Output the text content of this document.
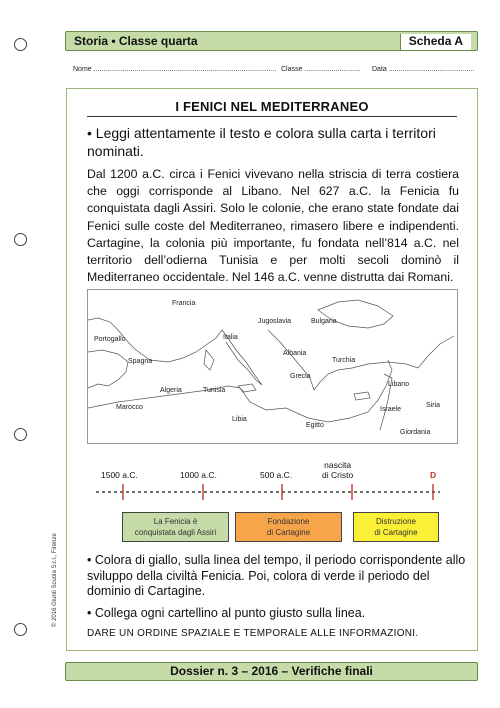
Storia • Classe quarta	Scheda A
Nome .............................................................................................. Classe ............................. Data ............................................
I FENICI NEL MEDITERRANEO
• Leggi attentamente il testo e colora sulla carta i territori nominati.
Dal 1200 a.C. circa i Fenici vivevano nella striscia di terra costiera che oggi corrisponde al Libano. Nel 627 a.C. la Fenicia fu conquistata dagli Assiri. Solo le colonie, che erano state fondate dai Fenici sulle coste del Mediterraneo, rimasero libere e indipendenti. Cartagine, la colonia più importante, fu fondata nell’814 a.C. nel territorio dell’odierna Tunisia e per molti secoli dominò il Mediterraneo occidentale. Nel 146 a.C. venne distrutta dai Romani.
Francia
Jugoslavia	Bulgaria
Portogallo	Italia
Spagna
Albania
Turchia
Grecia
Libano
Algeria	Tunisia
Siria
Marocco	Israele
Libia
Egitto
Giordania
1500 a.C.	1000 a.C.	500 a.C.
nascita
di Cristo	D
La Fenicia è
conquistata dagli Assiri
Fondazione
di Cartagine
Distruzione
di Cartagine
• Colora di giallo, sulla linea del tempo, il periodo corrispondente allo sviluppo della civiltà Fenicia. Poi, colora di verde il periodo del dominio di Cartagine.
• Collega ogni cartellino al punto giusto sulla linea.
DARE UN ORDINE SPAZIALE E TEMPORALE ALLE INFORMAZIONI.
Dossier n. 3 – 2016 – Verifiche finali
© 2016 Giunti Scuola S.r.l., Firenze
